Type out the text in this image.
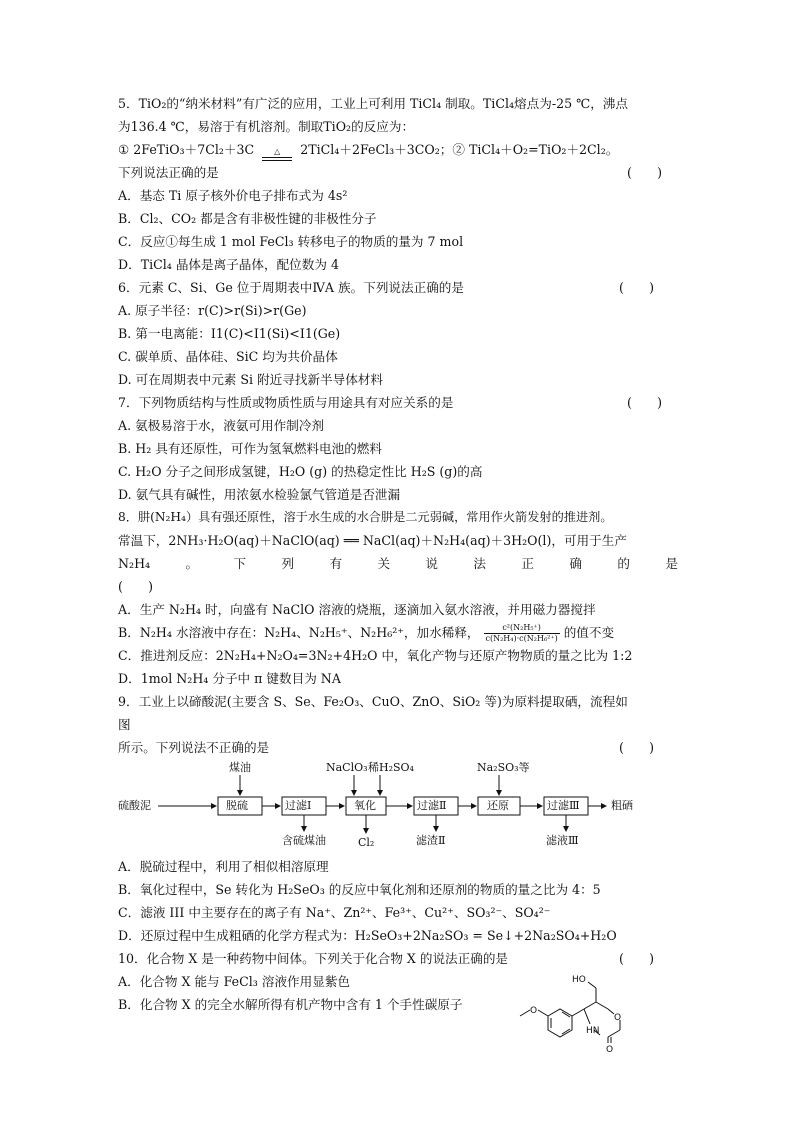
5．TiO₂的“纳米材料”有广泛的应用，工业上可利用 TiCl₄ 制取。TiCl₄熔点为-25 ℃，沸点
为136.4 ℃，易溶于有机溶剂。制取TiO₂的反应为：
① 2FeTiO₃＋7Cl₂＋3C	△	2TiCl₄＋2FeCl₃＋3CO₂；② TiCl₄＋O₂=TiO₂＋2Cl₂。
下列说法正确的是	(　　)
A．基态 Ti 原子核外价电子排布式为 4s²
B．Cl₂、CO₂ 都是含有非极性键的非极性分子
C．反应①每生成 1 mol FeCl₃ 转移电子的物质的量为 7 mol
D．TiCl₄ 晶体是离子晶体，配位数为 4
6．元素 C、Si、Ge 位于周期表中ⅣA 族。下列说法正确的是	(　　)
A. 原子半径：r(C)>r(Si)>r(Ge)
B. 第一电离能：I1(C)<I1(Si)<I1(Ge)
C. 碳单质、晶体硅、SiC 均为共价晶体
D. 可在周期表中元素 Si 附近寻找新半导体材料
7．下列物质结构与性质或物质性质与用途具有对应关系的是	(　　)
A. 氨极易溶于水，液氨可用作制冷剂
B. H₂ 具有还原性，可作为氢氧燃料电池的燃料
C. H₂O 分子之间形成氢键，H₂O (g) 的热稳定性比 H₂S (g)的高
D. 氨气具有碱性，用浓氨水检验氯气管道是否泄漏
8．肼(N₂H₄）具有强还原性，溶于水生成的水合肼是二元弱碱，常用作火箭发射的推进剂。
常温下，2NH₃·H₂O(aq)＋NaClO(aq) ══ NaCl(aq)＋N₂H₄(aq)＋3H₂O(l)，可用于生产
N₂H₄	。	下	列	有	关	说	法	正	确	的	是
(　　)
A．生产 N₂H₄ 时，向盛有 NaClO 溶液的烧瓶，逐滴加入氨水溶液，并用磁力器搅拌
B．N₂H₄ 水溶液中存在：N₂H₄、N₂H₅⁺、N₂H₆²⁺，加水稀释， $\frac{\text{c²(N₂H₅⁺)}}{\text{c(N₂H₄)·c(N₂H₆²⁺)}}$ 的值不变
C．推进剂反应：2N₂H₄+N₂O₄=3N₂+4H₂O 中，氧化产物与还原产物物质的量之比为 1:2
D．1mol N₂H₄ 分子中 π 键数目为 NA
9．工业上以碲酸泥(主要含 S、Se、Fe₂O₃、CuO、ZnO、SiO₂ 等)为原料提取硒，流程如
图
所示。下列说法不正确的是	(　　)
硫酸泥
煤油
脱硫	过滤Ⅰ
含硫煤油
NaClO₃ 稀H₂SO₄
氧化
Cl₂
过滤Ⅱ
滤渣Ⅱ
Na₂SO₃等
还原	过滤Ⅲ
滤液Ⅲ
粗硒
A．脱硫过程中，利用了相似相溶原理
B．氧化过程中，Se 转化为 H₂SeO₃ 的反应中氧化剂和还原剂的物质的量之比为 4：5
C．滤液 III 中主要存在的离子有 Na⁺、Zn²⁺、Fe³⁺、Cu²⁺、SO₃²⁻、SO₄²⁻
D．还原过程中生成粗硒的化学方程式为：H₂SeO₃+2Na₂SO₃ = Se↓+2Na₂SO₄+H₂O
10．化合物 X 是一种药物中间体。下列关于化合物 X 的说法正确的是	(　　)
A．化合物 X 能与 FeCl₃ 溶液作用显紫色
B．化合物 X 的完全水解所得有机产物中含有 1 个手性碳原子	O
HO
O
HN
O
